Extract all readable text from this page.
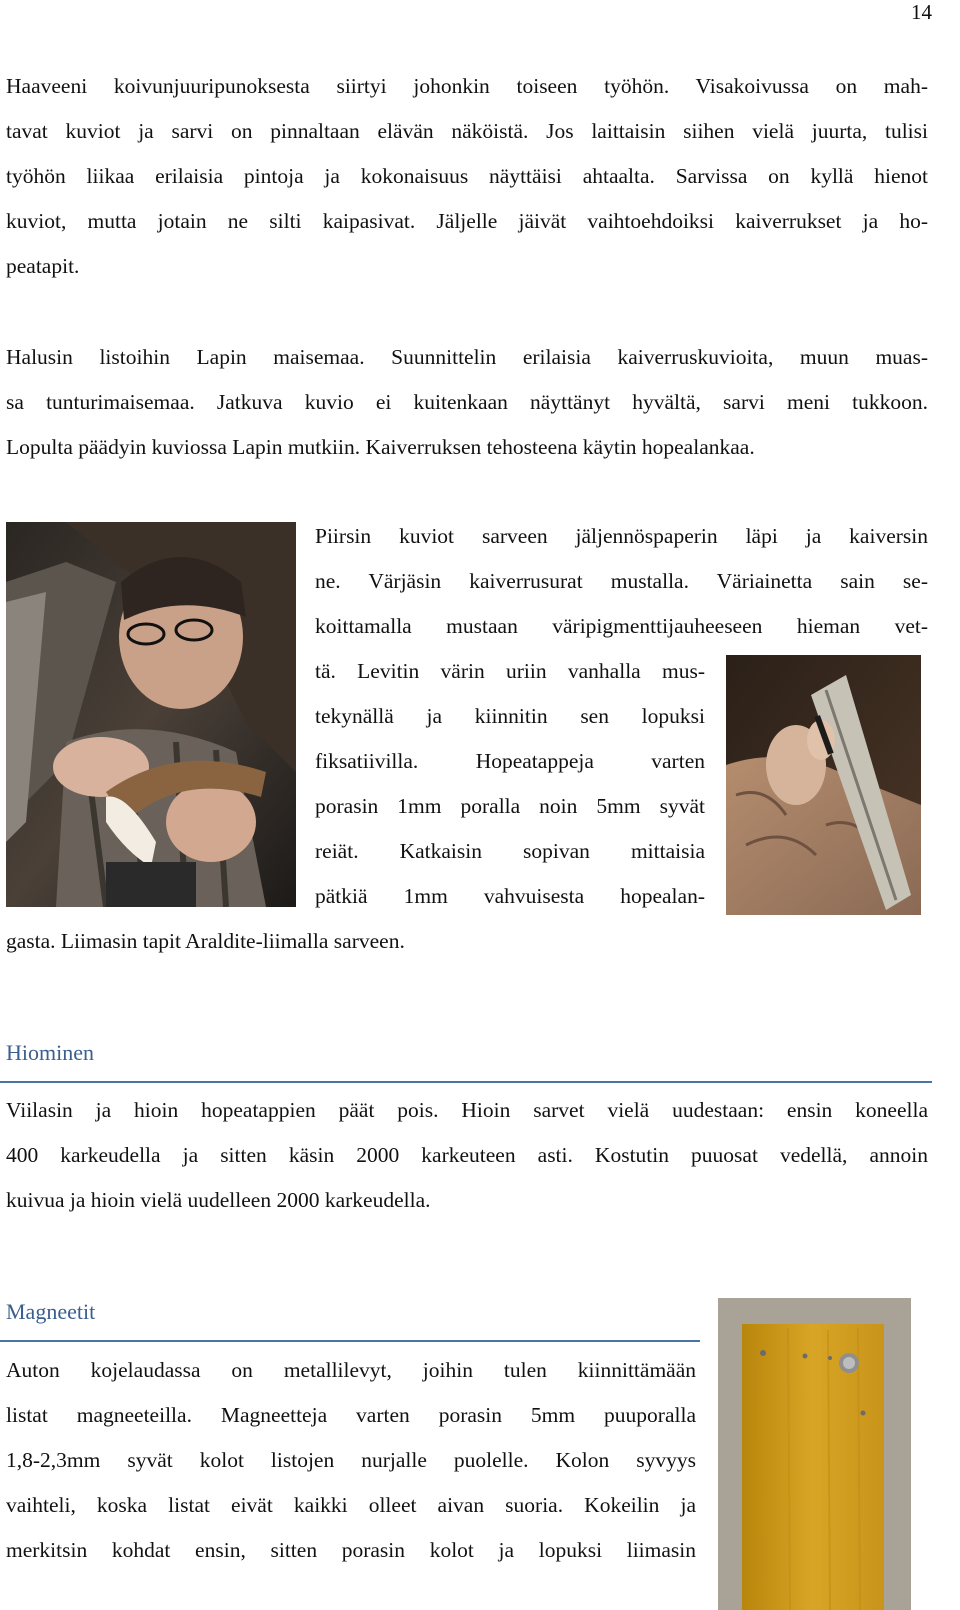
14

Haaveeni koivunjuuripunoksesta siirtyi johonkin toiseen työhön. Visakoivussa on mah-
tavat kuviot ja sarvi on pinnaltaan elävän näköistä. Jos laittaisin siihen vielä juurta, tulisi
työhön liikaa erilaisia pintoja ja kokonaisuus näyttäisi ahtaalta. Sarvissa on kyllä hienot
kuviot, mutta jotain ne silti kaipasivat. Jäljelle jäivät vaihtoehdoiksi kaiverrukset ja ho-
peatapit.

Halusin listoihin Lapin maisemaa. Suunnittelin erilaisia kaiverruskuvioita, muun muas-
sa tunturimaisemaa. Jatkuva kuvio ei kuitenkaan näyttänyt hyvältä, sarvi meni tukkoon.
Lopulta päädyin kuviossa Lapin mutkiin. Kaiverruksen tehosteena käytin hopealankaa.

Piirsin kuviot sarveen jäljennöspaperin läpi ja kaiversin
ne. Värjäsin kaiverrusurat mustalla. Väriainetta sain se-
koittamalla mustaan väripigmenttijauheeseen hieman vet-
tä. Levitin värin uriin vanhalla mus-
tekynällä ja kiinnitin sen lopuksi
fiksatiivilla. Hopeatappeja varten
porasin 1mm poralla noin 5mm syvät
reiät. Katkaisin sopivan mittaisia
pätkiä 1mm vahvuisesta hopealan-
gasta. Liimasin tapit Araldite-liimalla sarveen.
Hiominen

Viilasin ja hioin hopeatappien päät pois. Hioin sarvet vielä uudestaan: ensin koneella
400 karkeudella ja sitten käsin 2000 karkeuteen asti. Kostutin puuosat vedellä, annoin
kuivua ja hioin vielä uudelleen 2000 karkeudella.

Magneetit

Auton kojelaudassa on metallilevyt, joihin tulen kiinnittämään
listat magneeteilla. Magneetteja varten porasin 5mm puuporalla
1,8-2,3mm syvät kolot listojen nurjalle puolelle. Kolon syvyys
vaihteli, koska listat eivät kaikki olleet aivan suoria. Kokeilin ja
merkitsin kohdat ensin, sitten porasin kolot ja lopuksi liimasin
